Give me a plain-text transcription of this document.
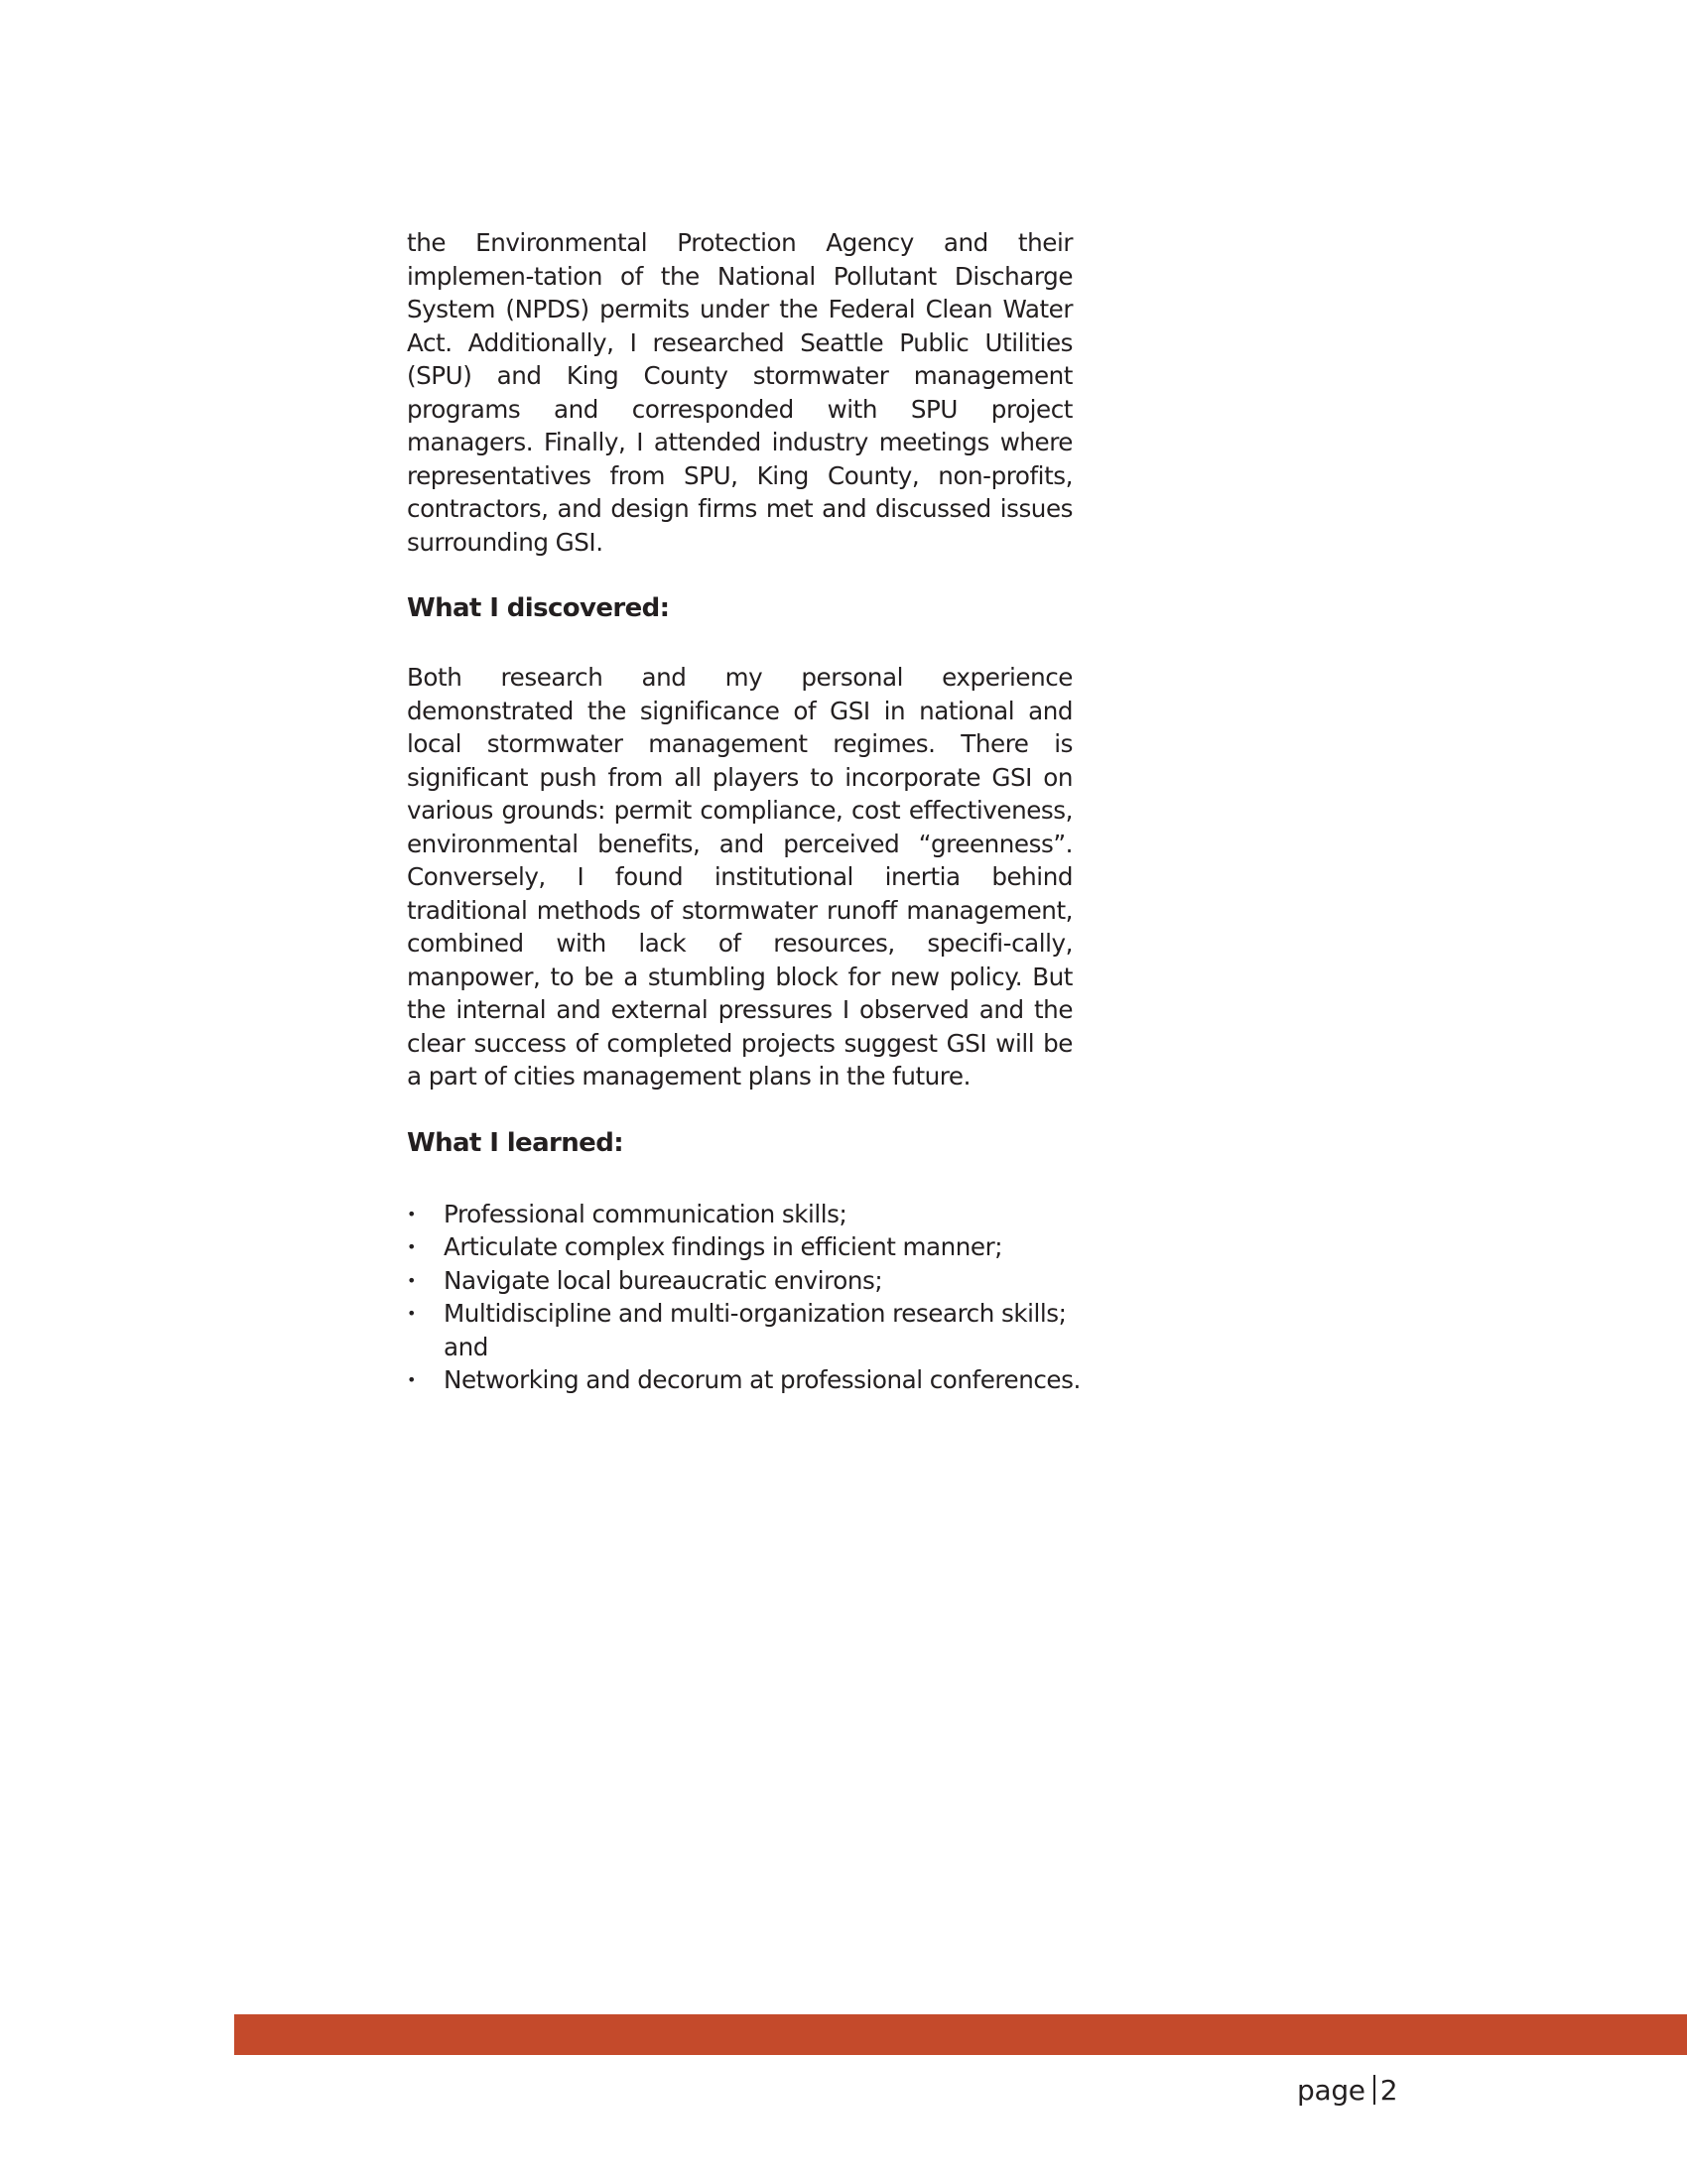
the Environmental Protection Agency and their implemen-tation of the National Pollutant Discharge System (NPDS) permits under the Federal Clean Water Act. Additionally, I researched Seattle Public Utilities (SPU) and King County stormwater management programs and corresponded with SPU project managers. Finally, I attended industry meetings where representatives from SPU, King County, non-profits, contractors, and design firms met and discussed issues surrounding GSI.

What I discovered:

Both research and my personal experience demonstrated the significance of GSI in national and local stormwater management regimes. There is significant push from all players to incorporate GSI on various grounds: permit compliance, cost effectiveness, environmental benefits, and perceived “greenness”. Conversely, I found institutional inertia behind traditional methods of stormwater runoff management, combined with lack of resources, specifi-cally, manpower, to be a stumbling block for new policy. But the internal and external pressures I observed and the clear success of completed projects suggest GSI will be a part of cities management plans in the future.

What I learned:
• Professional communication skills;
• Articulate complex findings in efficient manner;
• Navigate local bureaucratic environs;
• Multidiscipline and multi-organization research skills; and
• Networking and decorum at professional conferences.
page 2
